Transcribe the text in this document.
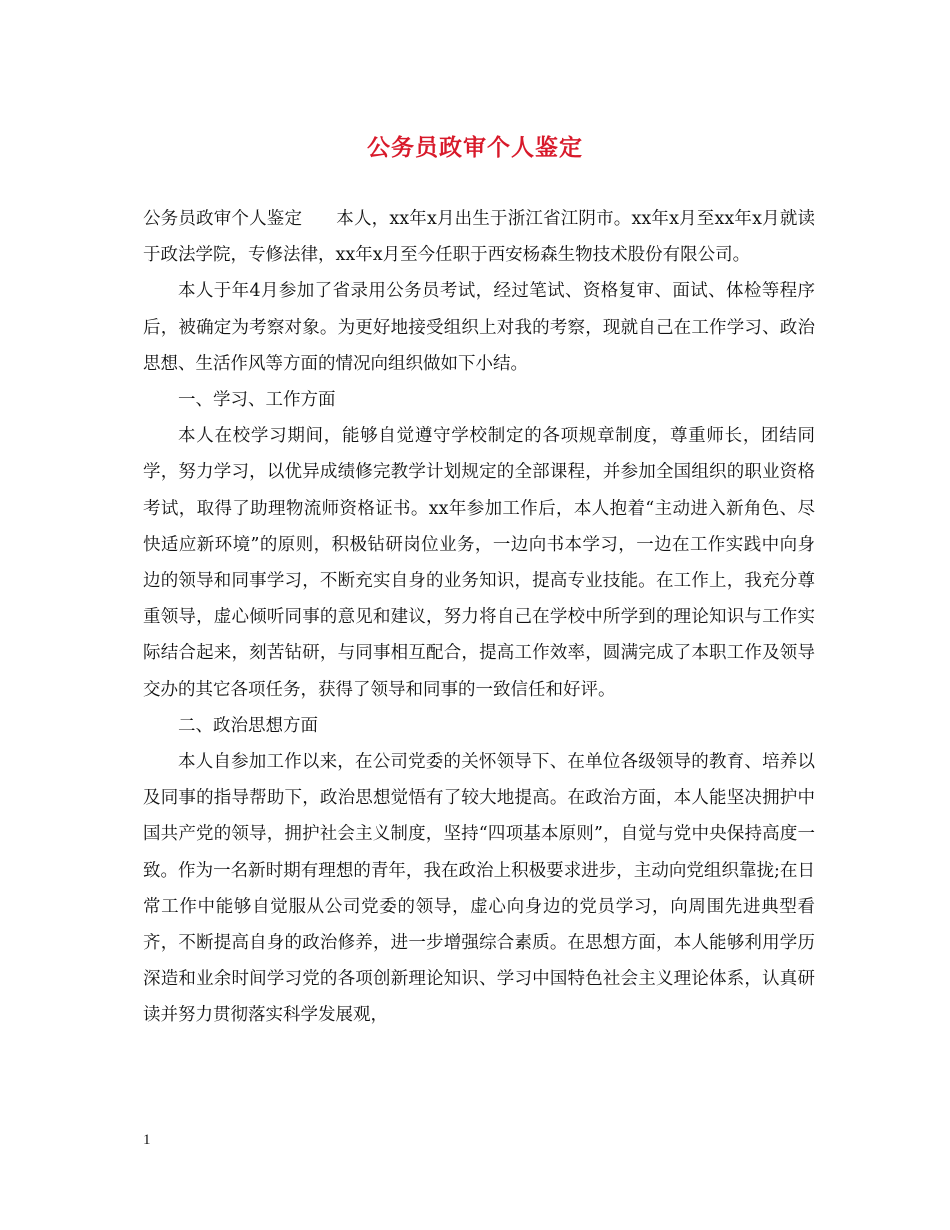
公务员政审个人鉴定

公务员政审个人鉴定 本人，xx年x月出生于浙江省江阴市。xx年x月至xx年x月就读于政法学院，专修法律，xx年x月至今任职于西安杨森生物技术股份有限公司。

本人于年4月参加了省录用公务员考试，经过笔试、资格复审、面试、体检等程序后，被确定为考察对象。为更好地接受组织上对我的考察，现就自己在工作学习、政治思想、生活作风等方面的情况向组织做如下小结。

一、学习、工作方面

本人在校学习期间，能够自觉遵守学校制定的各项规章制度，尊重师长，团结同学，努力学习，以优异成绩修完教学计划规定的全部课程，并参加全国组织的职业资格考试，取得了助理物流师资格证书。xx年参加工作后，本人抱着“主动进入新角色、尽快适应新环境”的原则，积极钻研岗位业务，一边向书本学习，一边在工作实践中向身边的领导和同事学习，不断充实自身的业务知识，提高专业技能。在工作上，我充分尊重领导，虚心倾听同事的意见和建议，努力将自己在学校中所学到的理论知识与工作实际结合起来，刻苦钻研，与同事相互配合，提高工作效率，圆满完成了本职工作及领导交办的其它各项任务，获得了领导和同事的一致信任和好评。

二、政治思想方面

本人自参加工作以来，在公司党委的关怀领导下、在单位各级领导的教育、培养以及同事的指导帮助下，政治思想觉悟有了较大地提高。在政治方面，本人能坚决拥护中国共产党的领导，拥护社会主义制度，坚持“四项基本原则”，自觉与党中央保持高度一致。作为一名新时期有理想的青年，我在政治上积极要求进步，主动向党组织靠拢;在日常工作中能够自觉服从公司党委的领导，虚心向身边的党员学习，向周围先进典型看齐，不断提高自身的政治修养，进一步增强综合素质。在思想方面，本人能够利用学历深造和业余时间学习党的各项创新理论知识、学习中国特色社会主义理论体系，认真研读并努力贯彻落实科学发展观，

1
